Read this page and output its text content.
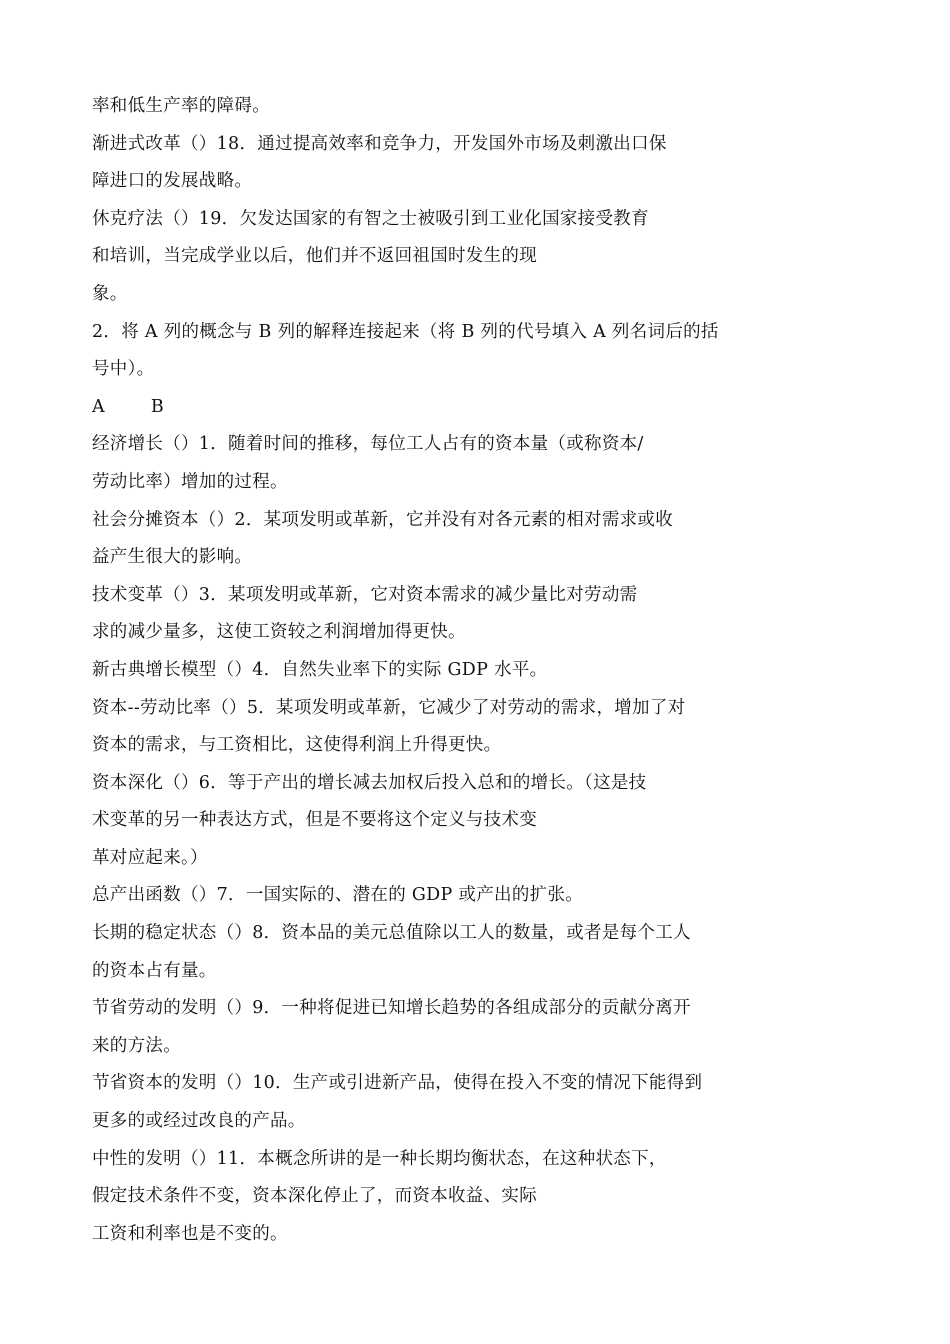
率和低生产率的障碍。
渐进式改革（）18．通过提高效率和竞争力，开发国外市场及刺激出口保
障进口的发展战略。
休克疗法（）19．欠发达国家的有智之士被吸引到工业化国家接受教育
和培训，当完成学业以后，他们并不返回祖国时发生的现
象。
2．将 A 列的概念与 B 列的解释连接起来（将 B 列的代号填入 A 列名词后的括
号中）。
A	B
经济增长（）1．随着时间的推移，每位工人占有的资本量（或称资本/
劳动比率）增加的过程。
社会分摊资本（）2．某项发明或革新，它并没有对各元素的相对需求或收
益产生很大的影响。
技术变革（）3．某项发明或革新，它对资本需求的减少量比对劳动需
求的减少量多，这使工资较之利润增加得更快。
新古典增长模型（）4．自然失业率下的实际 GDP 水平。
资本--劳动比率（）5．某项发明或革新，它减少了对劳动的需求，增加了对
资本的需求，与工资相比，这使得利润上升得更快。
资本深化（）6．等于产出的增长减去加权后投入总和的增长。（这是技
术变革的另一种表达方式，但是不要将这个定义与技术变
革对应起来。）
总产出函数（）7．一国实际的、潜在的 GDP 或产出的扩张。
长期的稳定状态（）8．资本品的美元总值除以工人的数量，或者是每个工人
的资本占有量。
节省劳动的发明（）9．一种将促进已知增长趋势的各组成部分的贡献分离开
来的方法。
节省资本的发明（）10．生产或引进新产品，使得在投入不变的情况下能得到
更多的或经过改良的产品。
中性的发明（）11．本概念所讲的是一种长期均衡状态，在这种状态下，
假定技术条件不变，资本深化停止了，而资本收益、实际
工资和利率也是不变的。
